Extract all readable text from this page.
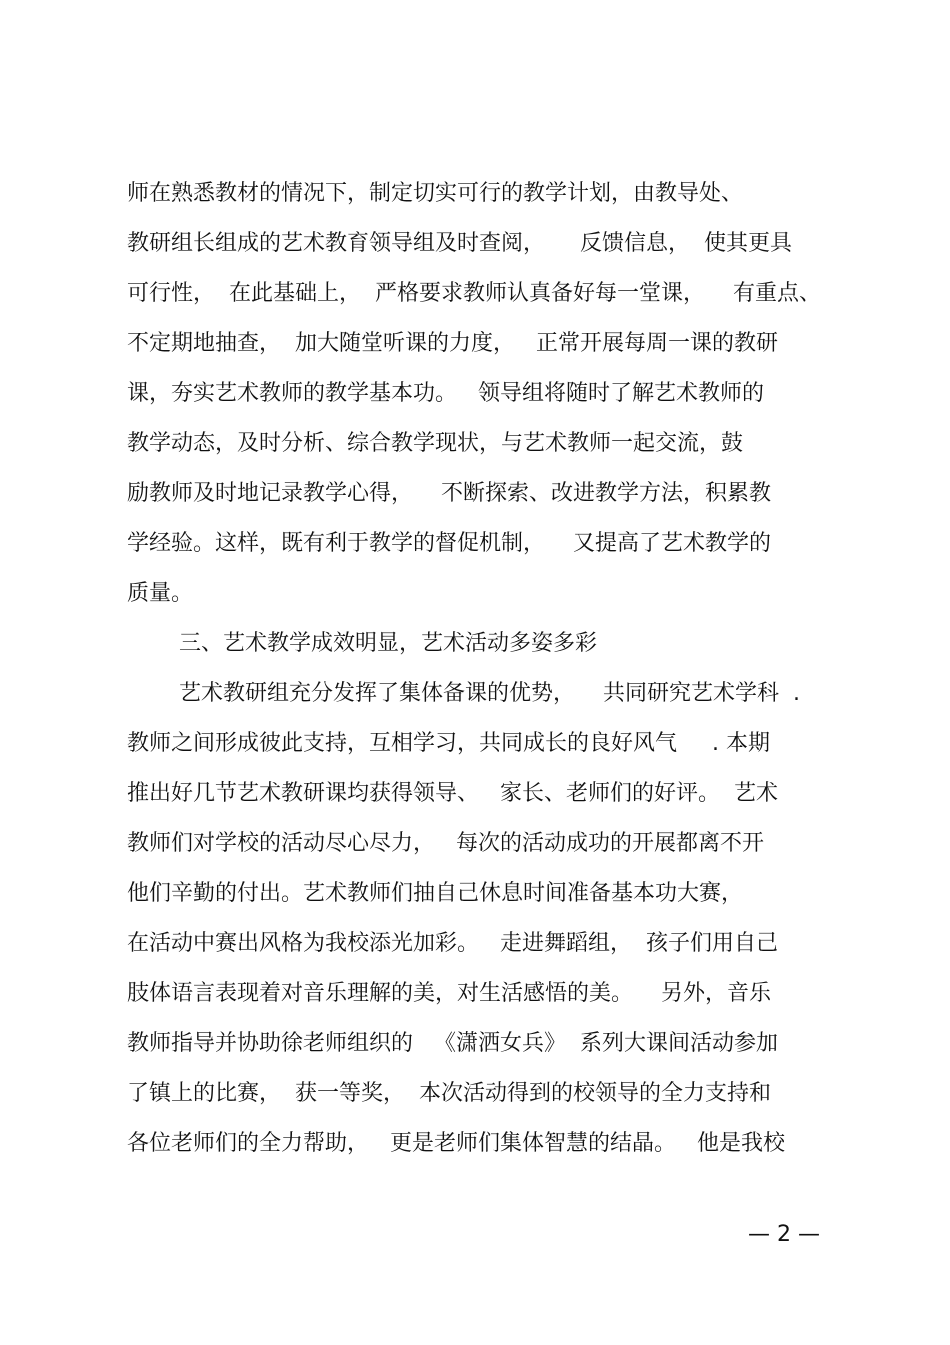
师在熟悉教材的情况下，制定切实可行的教学计划，由教导处、
教研组长组成的艺术教育领导组及时查阅，     反馈信息，  使其更具
可行性，  在此基础上，  严格要求教师认真备好每一堂课，    有重点、
不定期地抽查，  加大随堂听课的力度，   正常开展每周一课的教研
课，夯实艺术教师的教学基本功。   领导组将随时了解艺术教师的
教学动态，及时分析、综合教学现状，与艺术教师一起交流，鼓
励教师及时地记录教学心得，    不断探索、改进教学方法，积累教
学经验。这样，既有利于教学的督促机制，    又提高了艺术教学的
质量。
三、艺术教学成效明显，艺术活动多姿多彩
艺术教研组充分发挥了集体备课的优势，    共同研究艺术学科  .
教师之间形成彼此支持，互相学习，共同成长的良好风气     . 本期
推出好几节艺术教研课均获得领导、   家长、老师们的好评。  艺术
教师们对学校的活动尽心尽力，   每次的活动成功的开展都离不开
他们辛勤的付出。艺术教师们抽自己休息时间准备基本功大赛，
在活动中赛出风格为我校添光加彩。   走进舞蹈组，  孩子们用自己
肢体语言表现着对音乐理解的美，对生活感悟的美。    另外，音乐
教师指导并协助徐老师组织的   《潇洒女兵》  系列大课间活动参加
了镇上的比赛，  获一等奖，  本次活动得到的校领导的全力支持和
各位老师们的全力帮助，   更是老师们集体智慧的结晶。   他是我校
— 2 —
